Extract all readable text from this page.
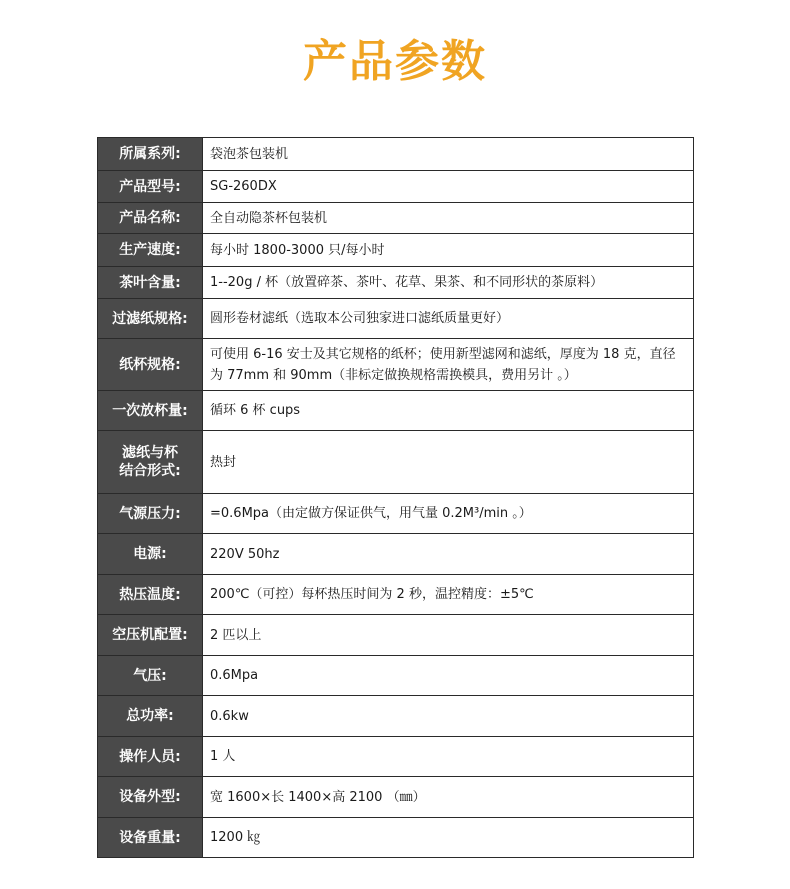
产品参数
所属系列:	袋泡茶包装机

产品型号:	SG-260DX

产品名称:	全自动隐茶杯包装机

生产速度:	每小时 1800-3000 只/每小时

茶叶含量:	1--20g / 杯（放置碎茶、茶叶、花草、果茶、和不同形状的茶原料）

过滤纸规格:	圆形卷材滤纸（选取本公司独家进口滤纸质量更好）

纸杯规格:	可使用 6-16 安士及其它规格的纸杯；使用新型滤网和滤纸，厚度为 18 克，直径为 77mm 和 90mm（非标定做换规格需换模具，费用另计 。）

一次放杯量:	循环 6 杯 cups

滤纸与杯
结合形式:	热封

气源压力:	=0.6Mpa（由定做方保证供气，用气量 0.2M³/min 。）

电源:	220V 50hz

热压温度:	200℃（可控）每杯热压时间为 2 秒，温控精度：±5℃

空压机配置:	2 匹以上

气压:	0.6Mpa

总功率:	0.6kw

操作人员:	1 人

设备外型:	宽 1600×长 1400×高 2100 （㎜）

设备重量:	1200 ㎏
